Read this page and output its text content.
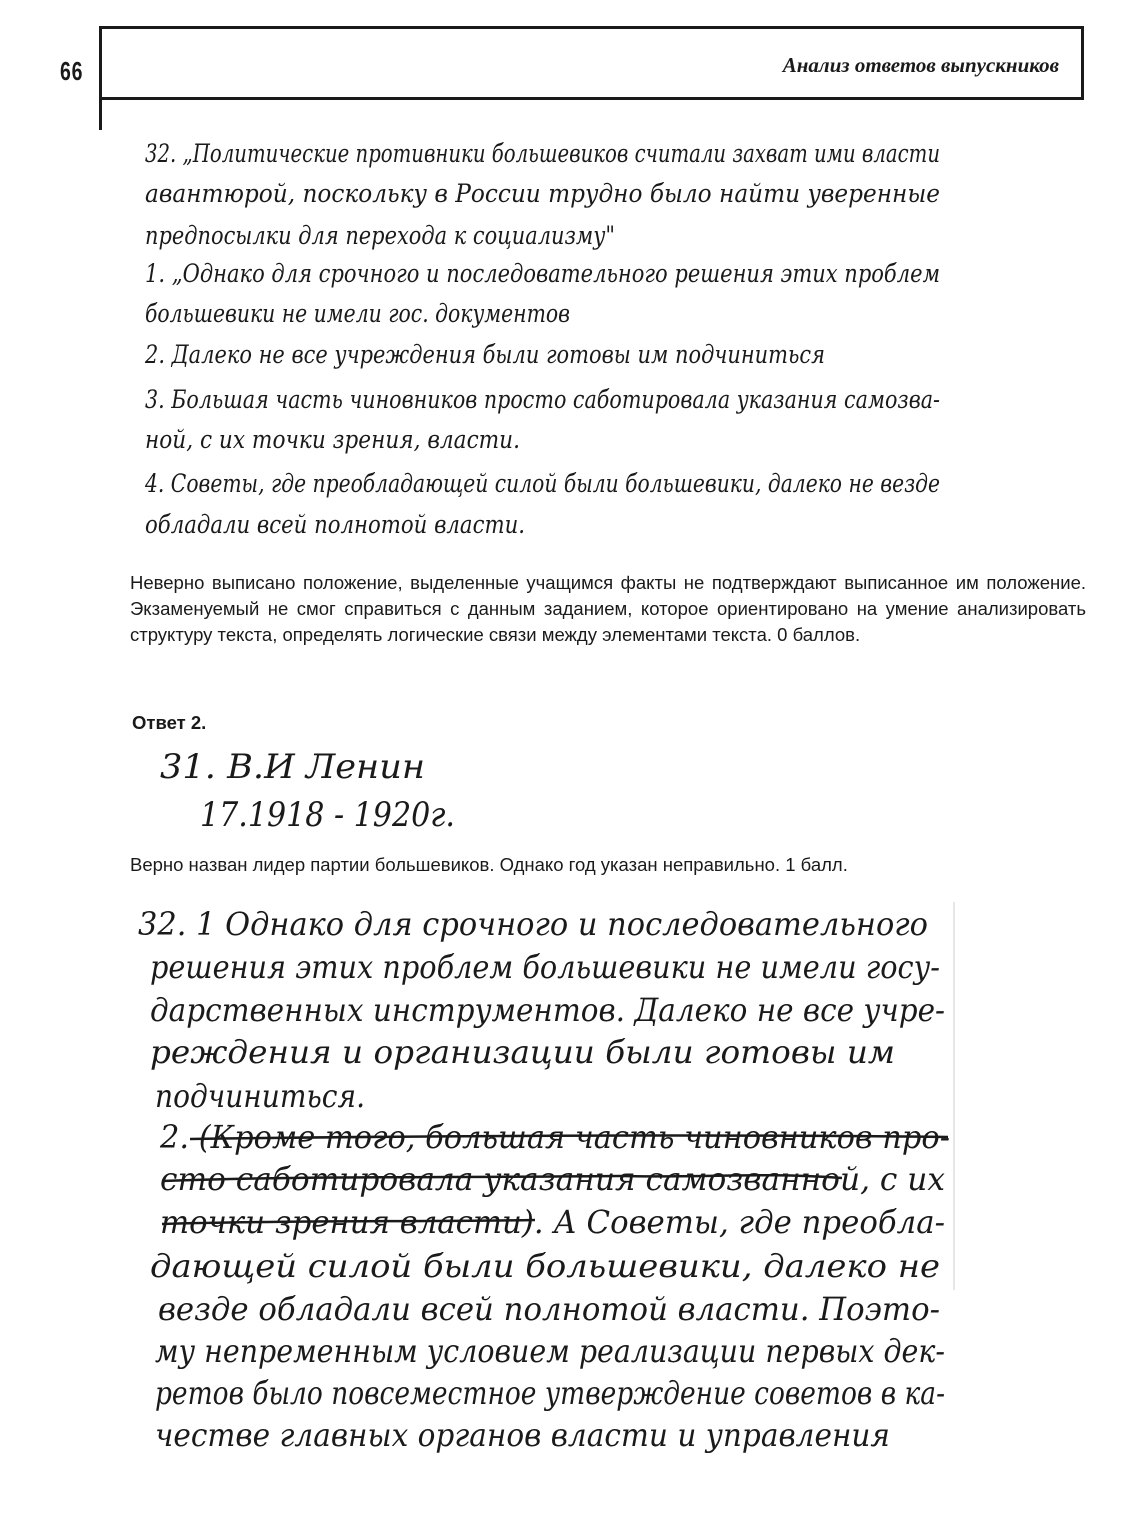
66	Анализ ответов выпускников
32. „Политические противники большевиков считали захват ими власти
авантюрой, поскольку в России трудно было найти уверенные
предпосылки для перехода к социализму"
1. „Однако для срочного и последовательного решения этих проблем
большевики не имели гос. документов
2. Далеко не все учреждения были готовы им подчиниться
3. Большая часть чиновников просто саботировала указания самозва-
ной, с их точки зрения, власти.
4. Советы, где преобладающей силой были большевики, далеко не везде
обладали всей полнотой власти.
31. В.И Ленин
17.1918 - 1920г.
32. 1 Однако для срочного и последовательного
решения этих проблем большевики не имели госу-
дарственных инструментов. Далеко не все учре-
реждения и организации были готовы им
подчиниться.
2. (Кроме того, большая часть чиновников про-
сто саботировала указания самозванной, с их
точки зрения власти). А Советы, где преобла-
дающей силой были большевики, далеко не
везде обладали всей полнотой власти. Поэто-
му непременным условием реализации первых дек-
ретов было повсеместное утверждение советов в ка-
честве главных органов власти и управления
Неверно выписано положение, выделенные учащимся факты не подтверждают выписанное им положение. Экзаменуемый не смог справиться с данным заданием, которое ориентировано на умение анализировать структуру текста, определять логические связи между элементами текста. 0 баллов.
Ответ 2.
Верно назван лидер партии большевиков. Однако год указан неправильно. 1 балл.
